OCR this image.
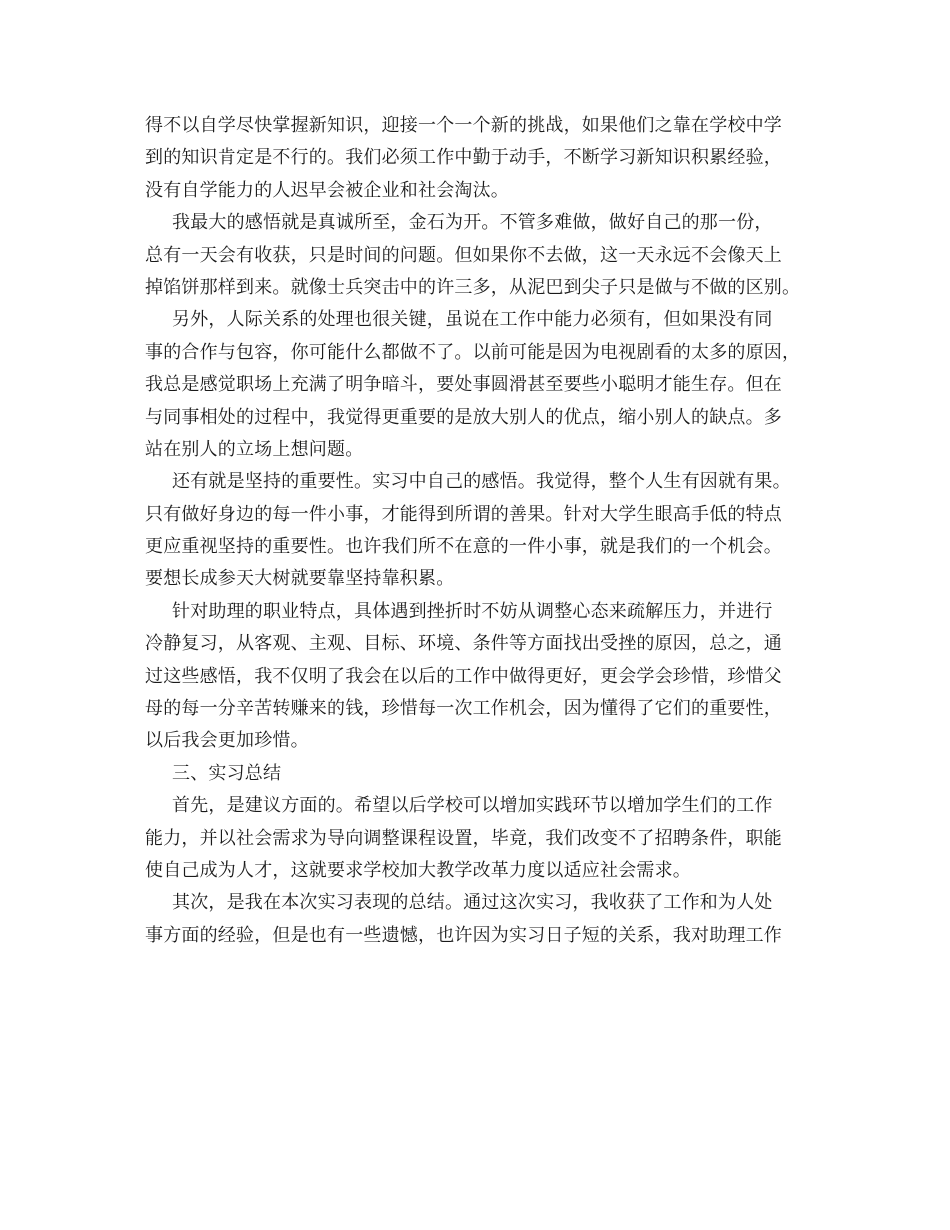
得不以自学尽快掌握新知识，迎接一个一个新的挑战，如果他们之靠在学校中学
到的知识肯定是不行的。我们必须工作中勤于动手，不断学习新知识积累经验，
没有自学能力的人迟早会被企业和社会淘汰。
我最大的感悟就是真诚所至，金石为开。不管多难做，做好自己的那一份，
总有一天会有收获，只是时间的问题。但如果你不去做，这一天永远不会像天上
掉馅饼那样到来。就像士兵突击中的许三多，从泥巴到尖子只是做与不做的区别。
另外，人际关系的处理也很关键，虽说在工作中能力必须有，但如果没有同
事的合作与包容，你可能什么都做不了。以前可能是因为电视剧看的太多的原因，
我总是感觉职场上充满了明争暗斗，要处事圆滑甚至要些小聪明才能生存。但在
与同事相处的过程中，我觉得更重要的是放大别人的优点，缩小别人的缺点。多
站在别人的立场上想问题。
还有就是坚持的重要性。实习中自己的感悟。我觉得，整个人生有因就有果。
只有做好身边的每一件小事，才能得到所谓的善果。针对大学生眼高手低的特点
更应重视坚持的重要性。也许我们所不在意的一件小事，就是我们的一个机会。
要想长成参天大树就要靠坚持靠积累。
针对助理的职业特点，具体遇到挫折时不妨从调整心态来疏解压力，并进行
冷静复习，从客观、主观、目标、环境、条件等方面找出受挫的原因，总之，通
过这些感悟，我不仅明了我会在以后的工作中做得更好，更会学会珍惜，珍惜父
母的每一分辛苦转赚来的钱，珍惜每一次工作机会，因为懂得了它们的重要性，
以后我会更加珍惜。
三、实习总结
首先，是建议方面的。希望以后学校可以增加实践环节以增加学生们的工作
能力，并以社会需求为导向调整课程设置，毕竟，我们改变不了招聘条件，职能
使自己成为人才，这就要求学校加大教学改革力度以适应社会需求。
其次，是我在本次实习表现的总结。通过这次实习，我收获了工作和为人处
事方面的经验，但是也有一些遗憾，也许因为实习日子短的关系，我对助理工作
